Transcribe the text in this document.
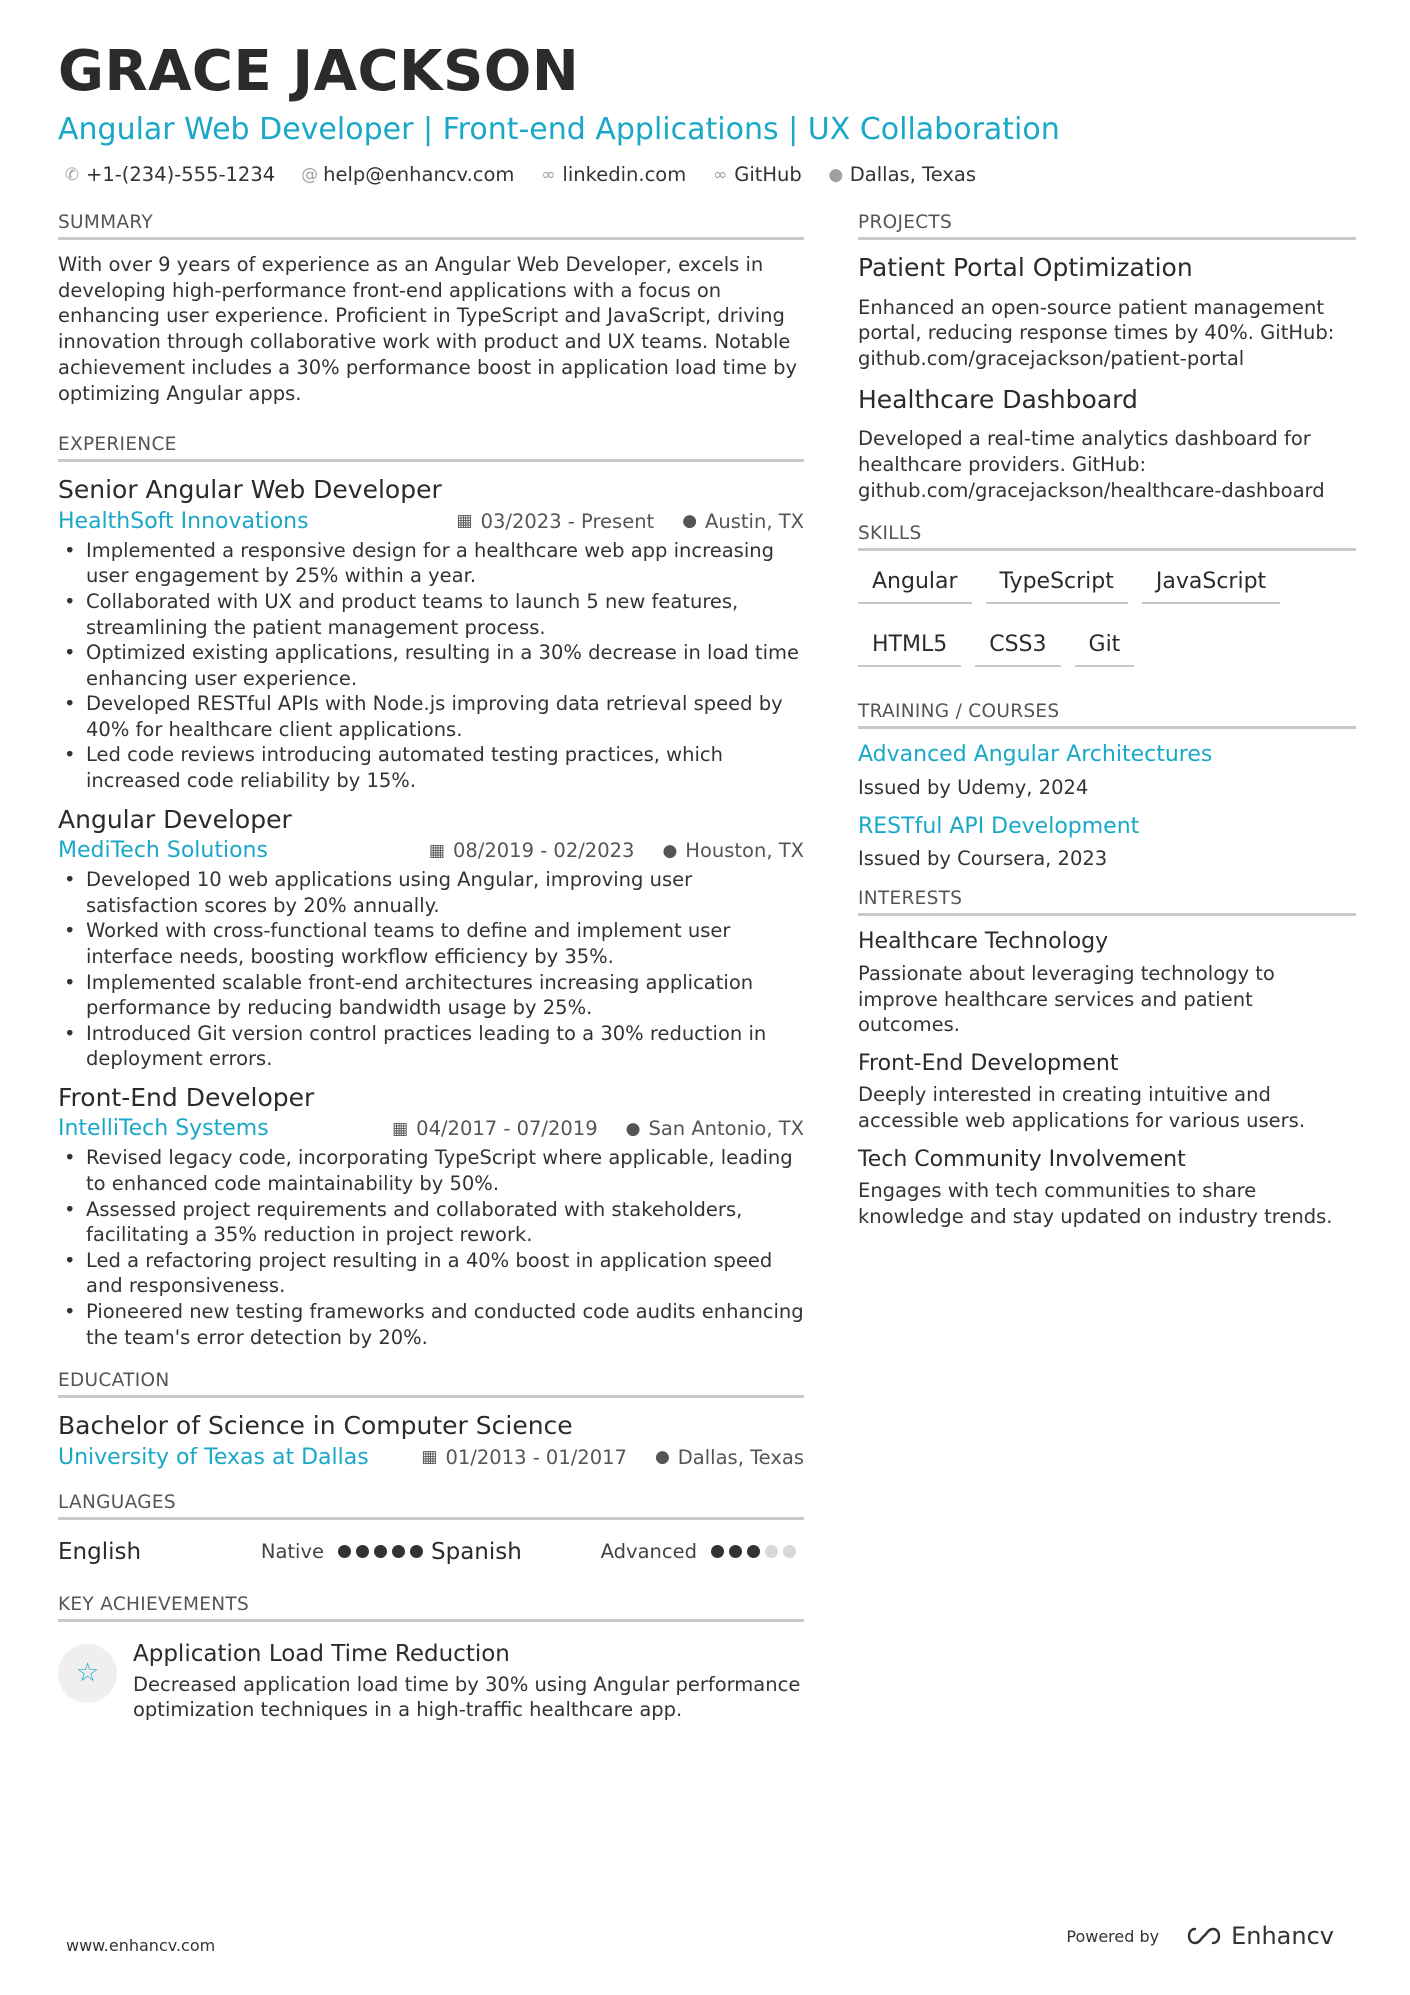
GRACE JACKSON
Angular Web Developer | Front-end Applications | UX Collaboration
✆ +1-(234)-555-1234 @ help@enhancv.com ∞ linkedin.com ∞ GitHub ● Dallas, Texas
SUMMARY
With over 9 years of experience as an Angular Web Developer, excels in developing high-performance front-end applications with a focus on enhancing user experience. Proficient in TypeScript and JavaScript, driving innovation through collaborative work with product and UX teams. Notable achievement includes a 30% performance boost in application load time by optimizing Angular apps.
EXPERIENCE
Senior Angular Web Developer
HealthSoft Innovations	▦ 03/2023 - Present ● Austin, TX
• Implemented a responsive design for a healthcare web app increasing user engagement by 25% within a year.
• Collaborated with UX and product teams to launch 5 new features, streamlining the patient management process.
• Optimized existing applications, resulting in a 30% decrease in load time enhancing user experience.
• Developed RESTful APIs with Node.js improving data retrieval speed by 40% for healthcare client applications.
• Led code reviews introducing automated testing practices, which increased code reliability by 15%.
Angular Developer
MediTech Solutions	▦ 08/2019 - 02/2023 ● Houston, TX
• Developed 10 web applications using Angular, improving user satisfaction scores by 20% annually.
• Worked with cross-functional teams to define and implement user interface needs, boosting workflow efficiency by 35%.
• Implemented scalable front-end architectures increasing application performance by reducing bandwidth usage by 25%.
• Introduced Git version control practices leading to a 30% reduction in deployment errors.
Front-End Developer
IntelliTech Systems	▦ 04/2017 - 07/2019 ● San Antonio, TX
• Revised legacy code, incorporating TypeScript where applicable, leading to enhanced code maintainability by 50%.
• Assessed project requirements and collaborated with stakeholders, facilitating a 35% reduction in project rework.
• Led a refactoring project resulting in a 40% boost in application speed and responsiveness.
• Pioneered new testing frameworks and conducted code audits enhancing the team's error detection by 20%.
EDUCATION
Bachelor of Science in Computer Science
University of Texas at Dallas	▦ 01/2013 - 01/2017 ● Dallas, Texas
LANGUAGES
English	Native	Spanish	Advanced
KEY ACHIEVEMENTS
☆
Application Load Time Reduction
Decreased application load time by 30% using Angular performance optimization techniques in a high-traffic healthcare app.
PROJECTS
Patient Portal Optimization
Enhanced an open-source patient management portal, reducing response times by 40%. GitHub: github.com/gracejackson/patient-portal
Healthcare Dashboard
Developed a real-time analytics dashboard for healthcare providers. GitHub: github.com/gracejackson/healthcare-dashboard
SKILLS
Angular	TypeScript	JavaScript
HTML5	CSS3	Git
TRAINING / COURSES
Advanced Angular Architectures
Issued by Udemy, 2024
RESTful API Development
Issued by Coursera, 2023
INTERESTS
Healthcare Technology
Passionate about leveraging technology to improve healthcare services and patient outcomes.
Front-End Development
Deeply interested in creating intuitive and accessible web applications for various users.
Tech Community Involvement
Engages with tech communities to share knowledge and stay updated on industry trends.
www.enhancv.com	Powered by	Enhancv
